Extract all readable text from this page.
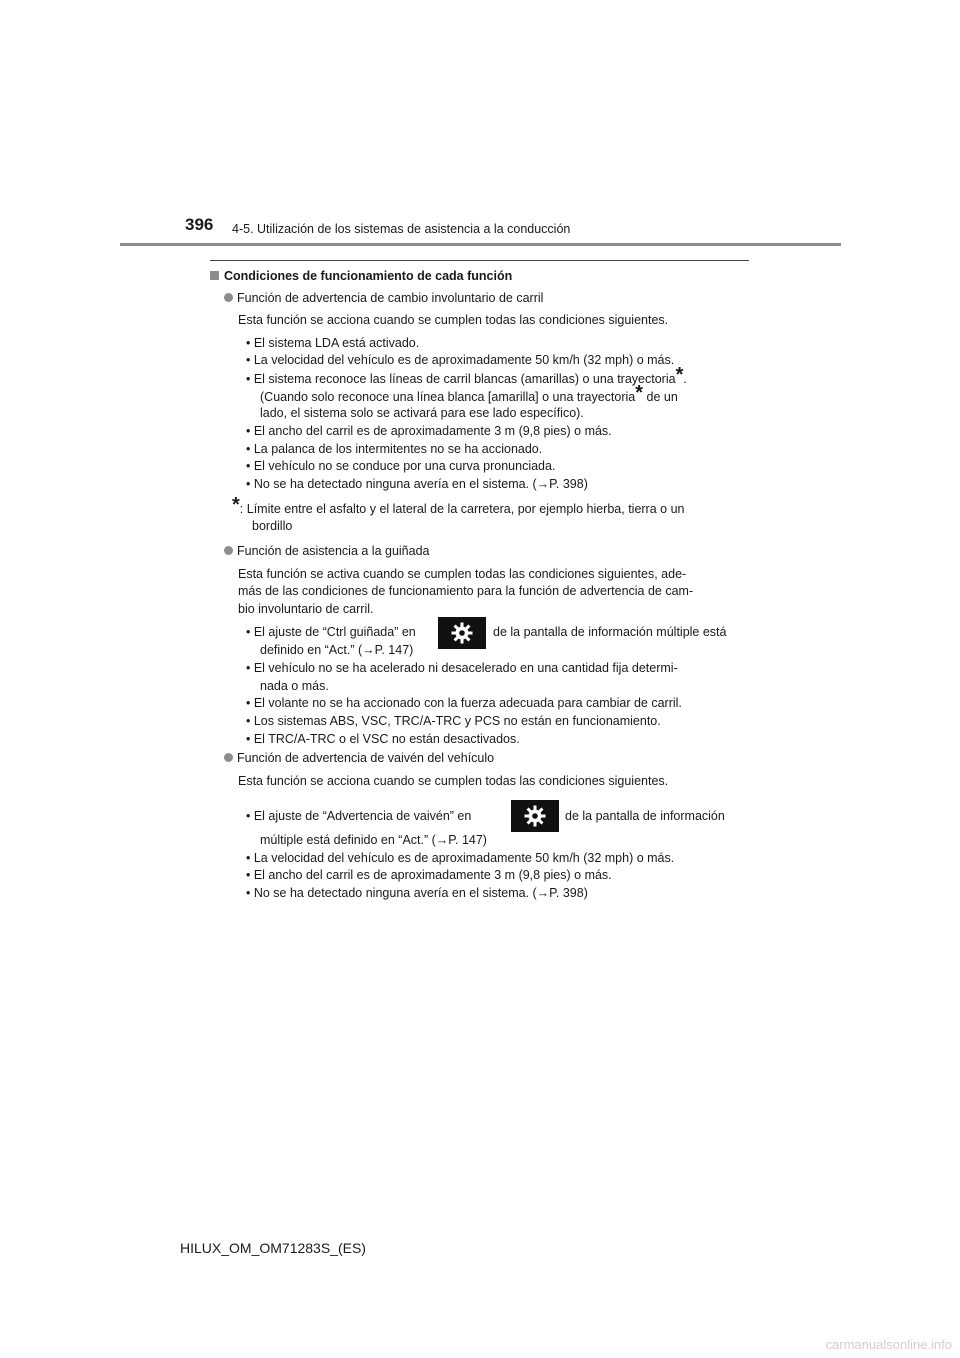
396 4-5. Utilización de los sistemas de asistencia a la conducción
Condiciones de funcionamiento de cada función
Función de advertencia de cambio involuntario de carril
Esta función se acciona cuando se cumplen todas las condiciones siguientes.
• El sistema LDA está activado.
• La velocidad del vehículo es de aproximadamente 50 km/h (32 mph) o más.
• El sistema reconoce las líneas de carril blancas (amarillas) o una trayectoria*.
(Cuando solo reconoce una línea blanca [amarilla] o una trayectoria* de un
lado, el sistema solo se activará para ese lado específico).
• El ancho del carril es de aproximadamente 3 m (9,8 pies) o más.
• La palanca de los intermitentes no se ha accionado.
• El vehículo no se conduce por una curva pronunciada.
• No se ha detectado ninguna avería en el sistema. (→P. 398)
*: Límite entre el asfalto y el lateral de la carretera, por ejemplo hierba, tierra o un
bordillo
Función de asistencia a la guiñada
Esta función se activa cuando se cumplen todas las condiciones siguientes, ade-
más de las condiciones de funcionamiento para la función de advertencia de cam-
bio involuntario de carril.
• El ajuste de “Ctrl guiñada” en	de la pantalla de información múltiple está
definido en “Act.” (→P. 147)
• El vehículo no se ha acelerado ni desacelerado en una cantidad fija determi-
nada o más.
• El volante no se ha accionado con la fuerza adecuada para cambiar de carril.
• Los sistemas ABS, VSC, TRC/A-TRC y PCS no están en funcionamiento.
• El TRC/A-TRC o el VSC no están desactivados.
Función de advertencia de vaivén del vehículo
Esta función se acciona cuando se cumplen todas las condiciones siguientes.
• El ajuste de “Advertencia de vaivén” en	de la pantalla de información
múltiple está definido en “Act.” (→P. 147)
• La velocidad del vehículo es de aproximadamente 50 km/h (32 mph) o más.
• El ancho del carril es de aproximadamente 3 m (9,8 pies) o más.
• No se ha detectado ninguna avería en el sistema. (→P. 398)
HILUX_OM_OM71283S_(ES)
carmanualsonline.info
